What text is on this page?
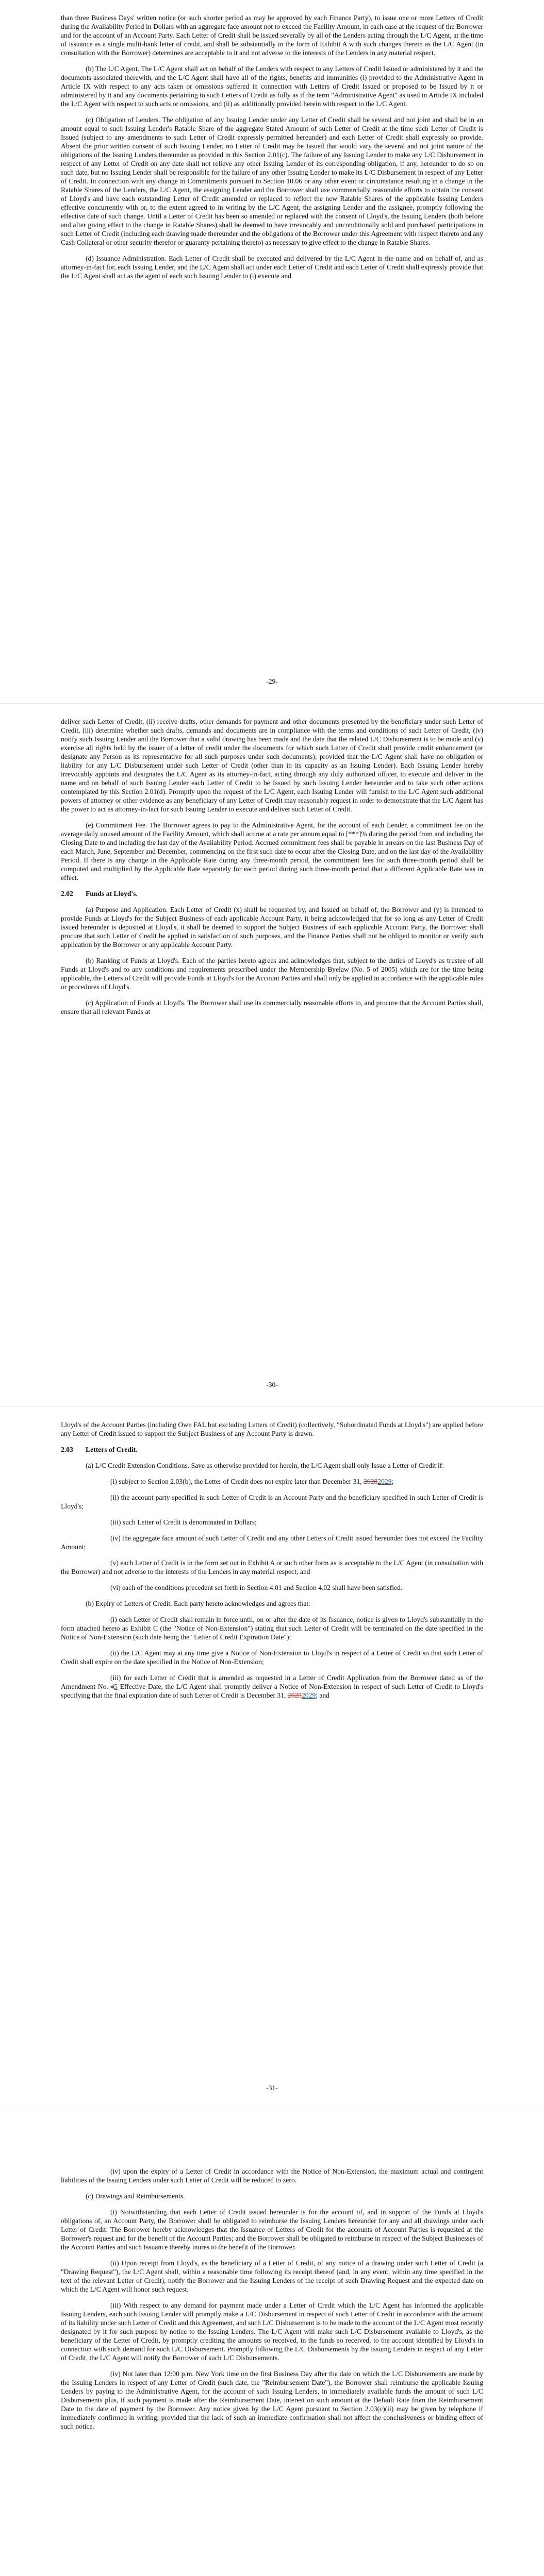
than three Business Days' written notice (or such shorter period as may be approved by each Finance Party), to issue one or more Letters of Credit during the Availability Period in Dollars with an aggregate face amount not to exceed the Facility Amount, in each case at the request of the Borrower and for the account of an Account Party. Each Letter of Credit shall be issued severally by all of the Lenders acting through the L/C Agent, at the time of issuance as a single multi-bank letter of credit, and shall be substantially in the form of Exhibit A with such changes therein as the L/C Agent (in consultation with the Borrower) determines are acceptable to it and not adverse to the interests of the Lenders in any material respect.

(b) The L/C Agent. The L/C Agent shall act on behalf of the Lenders with respect to any Letters of Credit Issued or administered by it and the documents associated therewith, and the L/C Agent shall have all of the rights, benefits and immunities (i) provided to the Administrative Agent in Article IX with respect to any acts taken or omissions suffered in connection with Letters of Credit Issued or proposed to be Issued by it or administered by it and any documents pertaining to such Letters of Credit as fully as if the term "Administrative Agent" as used in Article IX included the L/C Agent with respect to such acts or omissions, and (ii) as additionally provided herein with respect to the L/C Agent.

(c) Obligation of Lenders. The obligation of any Issuing Lender under any Letter of Credit shall be several and not joint and shall be in an amount equal to such Issuing Lender's Ratable Share of the aggregate Stated Amount of such Letter of Credit at the time such Letter of Credit is Issued (subject to any amendments to such Letter of Credit expressly permitted hereunder) and each Letter of Credit shall expressly so provide. Absent the prior written consent of such Issuing Lender, no Letter of Credit may be Issued that would vary the several and not joint nature of the obligations of the Issuing Lenders thereunder as provided in this Section 2.01(c). The failure of any Issuing Lender to make any L/C Disbursement in respect of any Letter of Credit on any date shall not relieve any other Issuing Lender of its corresponding obligation, if any, hereunder to do so on such date, but no Issuing Lender shall be responsible for the failure of any other Issuing Lender to make its L/C Disbursement in respect of any Letter of Credit. In connection with any change in Commitments pursuant to Section 10.06 or any other event or circumstance resulting in a change in the Ratable Shares of the Lenders, the L/C Agent, the assigning Lender and the Borrower shall use commercially reasonable efforts to obtain the consent of Lloyd's and have each outstanding Letter of Credit amended or replaced to reflect the new Ratable Shares of the applicable Issuing Lenders effective concurrently with or, to the extent agreed to in writing by the L/C Agent, the assigning Lender and the assignee, promptly following the effective date of such change. Until a Letter of Credit has been so amended or replaced with the consent of Lloyd's, the Issuing Lenders (both before and after giving effect to the change in Ratable Shares) shall be deemed to have irrevocably and unconditionally sold and purchased participations in such Letter of Credit (including each drawing made thereunder and the obligations of the Borrower under this Agreement with respect thereto and any Cash Collateral or other security therefor or guaranty pertaining thereto) as necessary to give effect to the change in Ratable Shares.

(d) Issuance Administration. Each Letter of Credit shall be executed and delivered by the L/C Agent in the name and on behalf of, and as attorney-in-fact for, each Issuing Lender, and the L/C Agent shall act under each Letter of Credit and each Letter of Credit shall expressly provide that the L/C Agent shall act as the agent of each such Issuing Lender to (i) execute and

-29-

deliver such Letter of Credit, (ii) receive drafts, other demands for payment and other documents presented by the beneficiary under such Letter of Credit, (iii) determine whether such drafts, demands and documents are in compliance with the terms and conditions of such Letter of Credit, (iv) notify such Issuing Lender and the Borrower that a valid drawing has been made and the date that the related L/C Disbursement is to be made and (v) exercise all rights held by the issuer of a letter of credit under the documents for which such Letter of Credit shall provide credit enhancement (or designate any Person as its representative for all such purposes under such documents); provided that the L/C Agent shall have no obligation or liability for any L/C Disbursement under such Letter of Credit (other than in its capacity as an Issuing Lender). Each Issuing Lender hereby irrevocably appoints and designates the L/C Agent as its attorney-in-fact, acting through any duly authorized officer, to execute and deliver in the name and on behalf of such Issuing Lender each Letter of Credit to be Issued by such Issuing Lender hereunder and to take such other actions contemplated by this Section 2.01(d). Promptly upon the request of the L/C Agent, each Issuing Lender will furnish to the L/C Agent such additional powers of attorney or other evidence as any beneficiary of any Letter of Credit may reasonably request in order to demonstrate that the L/C Agent has the power to act as attorney-in-fact for such Issuing Lender to execute and deliver such Letter of Credit.

(e) Commitment Fee. The Borrower agrees to pay to the Administrative Agent, for the account of each Lender, a commitment fee on the average daily unused amount of the Facility Amount, which shall accrue at a rate per annum equal to [***]% during the period from and including the Closing Date to and including the last day of the Availability Period. Accrued commitment fees shall be payable in arrears on the last Business Day of each March, June, September and December, commencing on the first such date to occur after the Closing Date, and on the last day of the Availability Period. If there is any change in the Applicable Rate during any three-month period, the commitment fees for such three-month period shall be computed and multiplied by the Applicable Rate separately for each period during such three-month period that a different Applicable Rate was in effect.

2.02 Funds at Lloyd's.

(a) Purpose and Application. Each Letter of Credit (x) shall be requested by, and Issued on behalf of, the Borrower and (y) is intended to provide Funds at Lloyd's for the Subject Business of each applicable Account Party, it being acknowledged that for so long as any Letter of Credit issued hereunder is deposited at Lloyd's, it shall be deemed to support the Subject Business of each applicable Account Party, the Borrower shall procure that such Letter of Credit be applied in satisfaction of such purposes, and the Finance Parties shall not be obliged to monitor or verify such application by the Borrower or any applicable Account Party.

(b) Ranking of Funds at Lloyd's. Each of the parties hereto agrees and acknowledges that, subject to the duties of Lloyd's as trustee of all Funds at Lloyd's and to any conditions and requirements prescribed under the Membership Byelaw (No. 5 of 2005) which are for the time being applicable, the Letters of Credit will provide Funds at Lloyd's for the Account Parties and shall only be applied in accordance with the applicable rules or procedures of Lloyd's.

(c) Application of Funds at Lloyd's. The Borrower shall use its commercially reasonable efforts to, and procure that the Account Parties shall, ensure that all relevant Funds at

-30-

Lloyd's of the Account Parties (including Own FAL but excluding Letters of Credit) (collectively, "Subordinated Funds at Lloyd's") are applied before any Letter of Credit issued to support the Subject Business of any Account Party is drawn.

2.03 Letters of Credit.

(a) L/C Credit Extension Conditions. Save as otherwise provided for herein, the L/C Agent shall only Issue a Letter of Credit if:

(i) subject to Section 2.03(b), the Letter of Credit does not expire later than December 31, 20282029;

(ii) the account party specified in such Letter of Credit is an Account Party and the beneficiary specified in such Letter of Credit is Lloyd's;

(iii) such Letter of Credit is denominated in Dollars;

(iv) the aggregate face amount of such Letter of Credit and any other Letters of Credit issued hereunder does not exceed the Facility Amount;

(v) each Letter of Credit is in the form set out in Exhibit A or such other form as is acceptable to the L/C Agent (in consultation with the Borrower) and not adverse to the interests of the Lenders in any material respect; and

(vi) each of the conditions precedent set forth in Section 4.01 and Section 4.02 shall have been satisfied.

(b) Expiry of Letters of Credit. Each party hereto acknowledges and agrees that:

(i) each Letter of Credit shall remain in force until, on or after the date of its Issuance, notice is given to Lloyd's substantially in the form attached hereto as Exhibit C (the "Notice of Non-Extension") stating that such Letter of Credit will be terminated on the date specified in the Notice of Non-Extension (such date being the "Letter of Credit Expiration Date");

(ii) the L/C Agent may at any time give a Notice of Non-Extension to Lloyd's in respect of a Letter of Credit so that such Letter of Credit shall expire on the date specified in the Notice of Non-Extension;

(iii) for each Letter of Credit that is amended as requested in a Letter of Credit Application from the Borrower dated as of the Amendment No. 45 Effective Date, the L/C Agent shall promptly deliver a Notice of Non-Extension in respect of such Letter of Credit to Lloyd's specifying that the final expiration date of such Letter of Credit is December 31, 20282029; and

-31-

(iv) upon the expiry of a Letter of Credit in accordance with the Notice of Non-Extension, the maximum actual and contingent liabilities of the Issuing Lenders under such Letter of Credit will be reduced to zero.

(c) Drawings and Reimbursements.

(i) Notwithstanding that each Letter of Credit issued hereunder is for the account of, and in support of the Funds at Lloyd's obligations of, an Account Party, the Borrower shall be obligated to reimburse the Issuing Lenders hereunder for any and all drawings under each Letter of Credit. The Borrower hereby acknowledges that the Issuance of Letters of Credit for the accounts of Account Parties is requested at the Borrower's request and for the benefit of the Account Parties; and the Borrower shall be obligated to reimburse in respect of the Subject Businesses of the Account Parties and such Issuance thereby inures to the benefit of the Borrower.

(ii) Upon receipt from Lloyd's, as the beneficiary of a Letter of Credit, of any notice of a drawing under such Letter of Credit (a "Drawing Request"), the L/C Agent shall, within a reasonable time following its receipt thereof (and, in any event, within any time specified in the text of the relevant Letter of Credit), notify the Borrower and the Issuing Lenders of the receipt of such Drawing Request and the expected date on which the L/C Agent will honor such request.

(iii) With respect to any demand for payment made under a Letter of Credit which the L/C Agent has informed the applicable Issuing Lenders, each such Issuing Lender will promptly make a L/C Disbursement in respect of such Letter of Credit in accordance with the amount of its liability under such Letter of Credit and this Agreement, and such L/C Disbursement is to be made to the account of the L/C Agent most recently designated by it for such purpose by notice to the Issuing Lenders. The L/C Agent will make such L/C Disbursement available to Lloyd's, as the beneficiary of the Letter of Credit, by promptly crediting the amounts so received, in the funds so received, to the account identified by Lloyd's in connection with such demand for such L/C Disbursement. Promptly following the L/C Disbursements by the Issuing Lenders in respect of any Letter of Credit, the L/C Agent will notify the Borrower of such L/C Disbursements.

(iv) Not later than 12:00 p.m. New York time on the first Business Day after the date on which the L/C Disbursements are made by the Issuing Lenders in respect of any Letter of Credit (such date, the "Reimbursement Date"), the Borrower shall reimburse the applicable Issuing Lenders by paying to the Administrative Agent, for the account of such Issuing Lenders, in immediately available funds the amount of such L/C Disbursements plus, if such payment is made after the Reimbursement Date, interest on such amount at the Default Rate from the Reimbursement Date to the date of payment by the Borrower. Any notice given by the L/C Agent pursuant to Section 2.03(c)(ii) may be given by telephone if immediately confirmed in writing; provided that the lack of such an immediate confirmation shall not affect the conclusiveness or binding effect of such notice.
